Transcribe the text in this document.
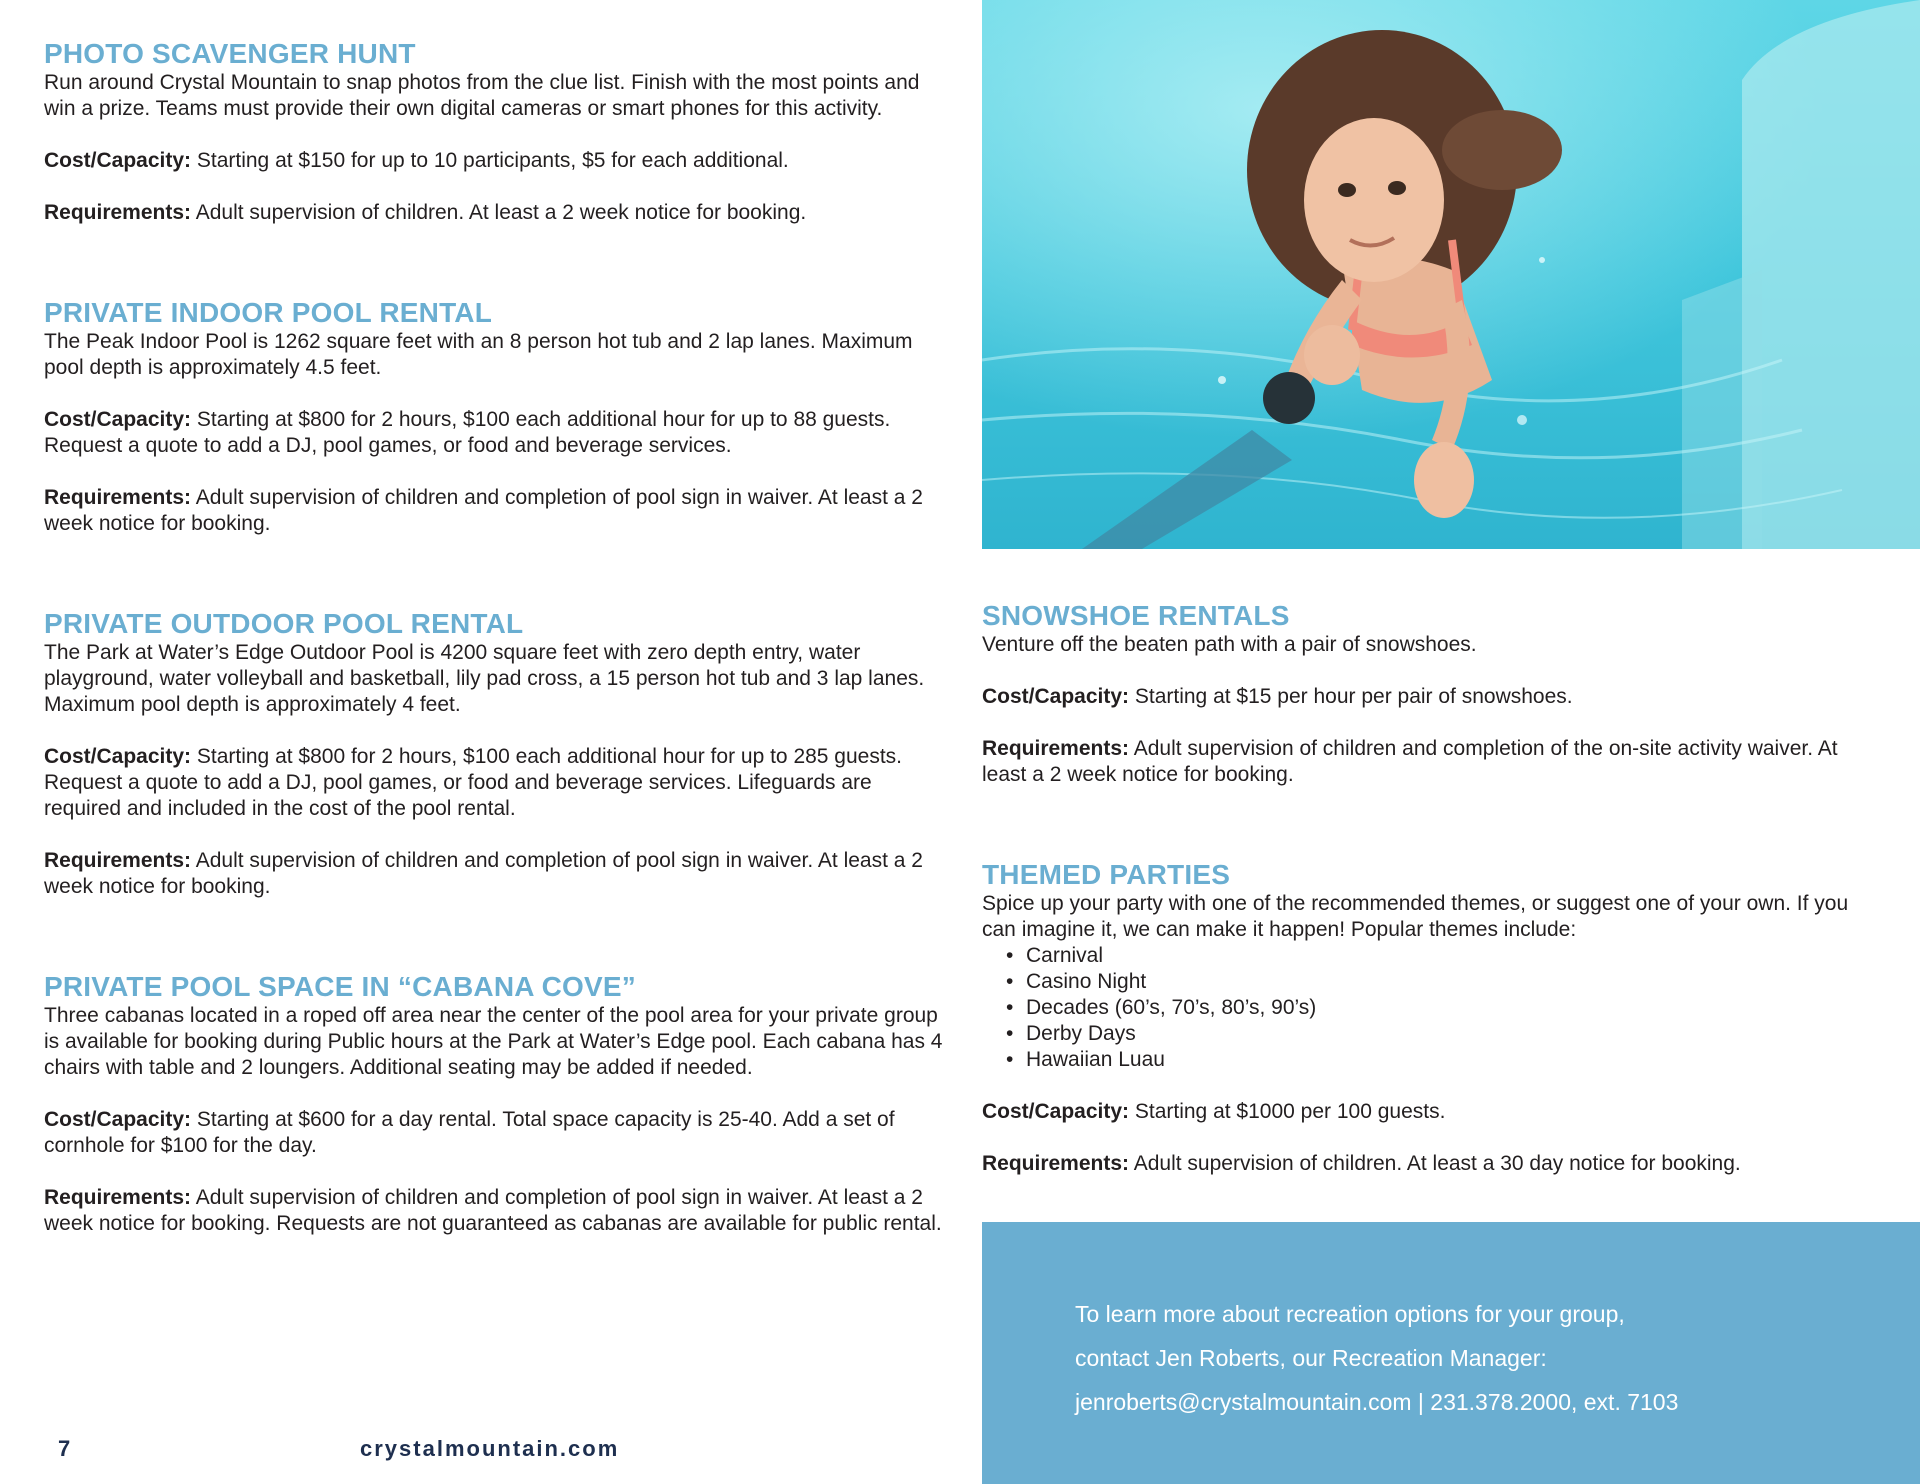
PHOTO SCAVENGER HUNT

Run around Crystal Mountain to snap photos from the clue list. Finish with the most points and win a prize. Teams must provide their own digital cameras or smart phones for this activity.

Cost/Capacity: Starting at $150 for up to 10 participants, $5 for each additional.

Requirements: Adult supervision of children. At least a 2 week notice for booking.

PRIVATE INDOOR POOL RENTAL

The Peak Indoor Pool is 1262 square feet with an 8 person hot tub and 2 lap lanes. Maximum pool depth is approximately 4.5 feet.

Cost/Capacity: Starting at $800 for 2 hours, $100 each additional hour for up to 88 guests. Request a quote to add a DJ, pool games, or food and beverage services.

Requirements: Adult supervision of children and completion of pool sign in waiver. At least a 2 week notice for booking.

PRIVATE OUTDOOR POOL RENTAL

The Park at Water’s Edge Outdoor Pool is 4200 square feet with zero depth entry, water playground, water volleyball and basketball, lily pad cross, a 15 person hot tub and 3 lap lanes. Maximum pool depth is approximately 4 feet.

Cost/Capacity: Starting at $800 for 2 hours, $100 each additional hour for up to 285 guests. Request a quote to add a DJ, pool games, or food and beverage services. Lifeguards are required and included in the cost of the pool rental.

Requirements: Adult supervision of children and completion of pool sign in waiver. At least a 2 week notice for booking.

PRIVATE POOL SPACE IN “CABANA COVE”

Three cabanas located in a roped off area near the center of the pool area for your private group is available for booking during Public hours at the Park at Water’s Edge pool. Each cabana has 4 chairs with table and 2 loungers. Additional seating may be added if needed.

Cost/Capacity: Starting at $600 for a day rental. Total space capacity is 25-40. Add a set of cornhole for $100 for the day.

Requirements: Adult supervision of children and completion of pool sign in waiver. At least a 2 week notice for booking. Requests are not guaranteed as cabanas are available for public rental.

SNOWSHOE RENTALS

Venture off the beaten path with a pair of snowshoes.

Cost/Capacity: Starting at $15 per hour per pair of snowshoes.

Requirements: Adult supervision of children and completion of the on-site activity waiver. At least a 2 week notice for booking.

THEMED PARTIES

Spice up your party with one of the recommended themes, or suggest one of your own. If you can imagine it, we can make it happen! Popular themes include:

• Carnival
• Casino Night
• Decades (60’s, 70’s, 80’s, 90’s)
• Derby Days
• Hawaiian Luau

Cost/Capacity: Starting at $1000 per 100 guests.

Requirements: Adult supervision of children. At least a 30 day notice for booking.

To learn more about recreation options for your group,
contact Jen Roberts, our Recreation Manager:
jenroberts@crystalmountain.com | 231.378.2000, ext. 7103
7	crystalmountain.com
